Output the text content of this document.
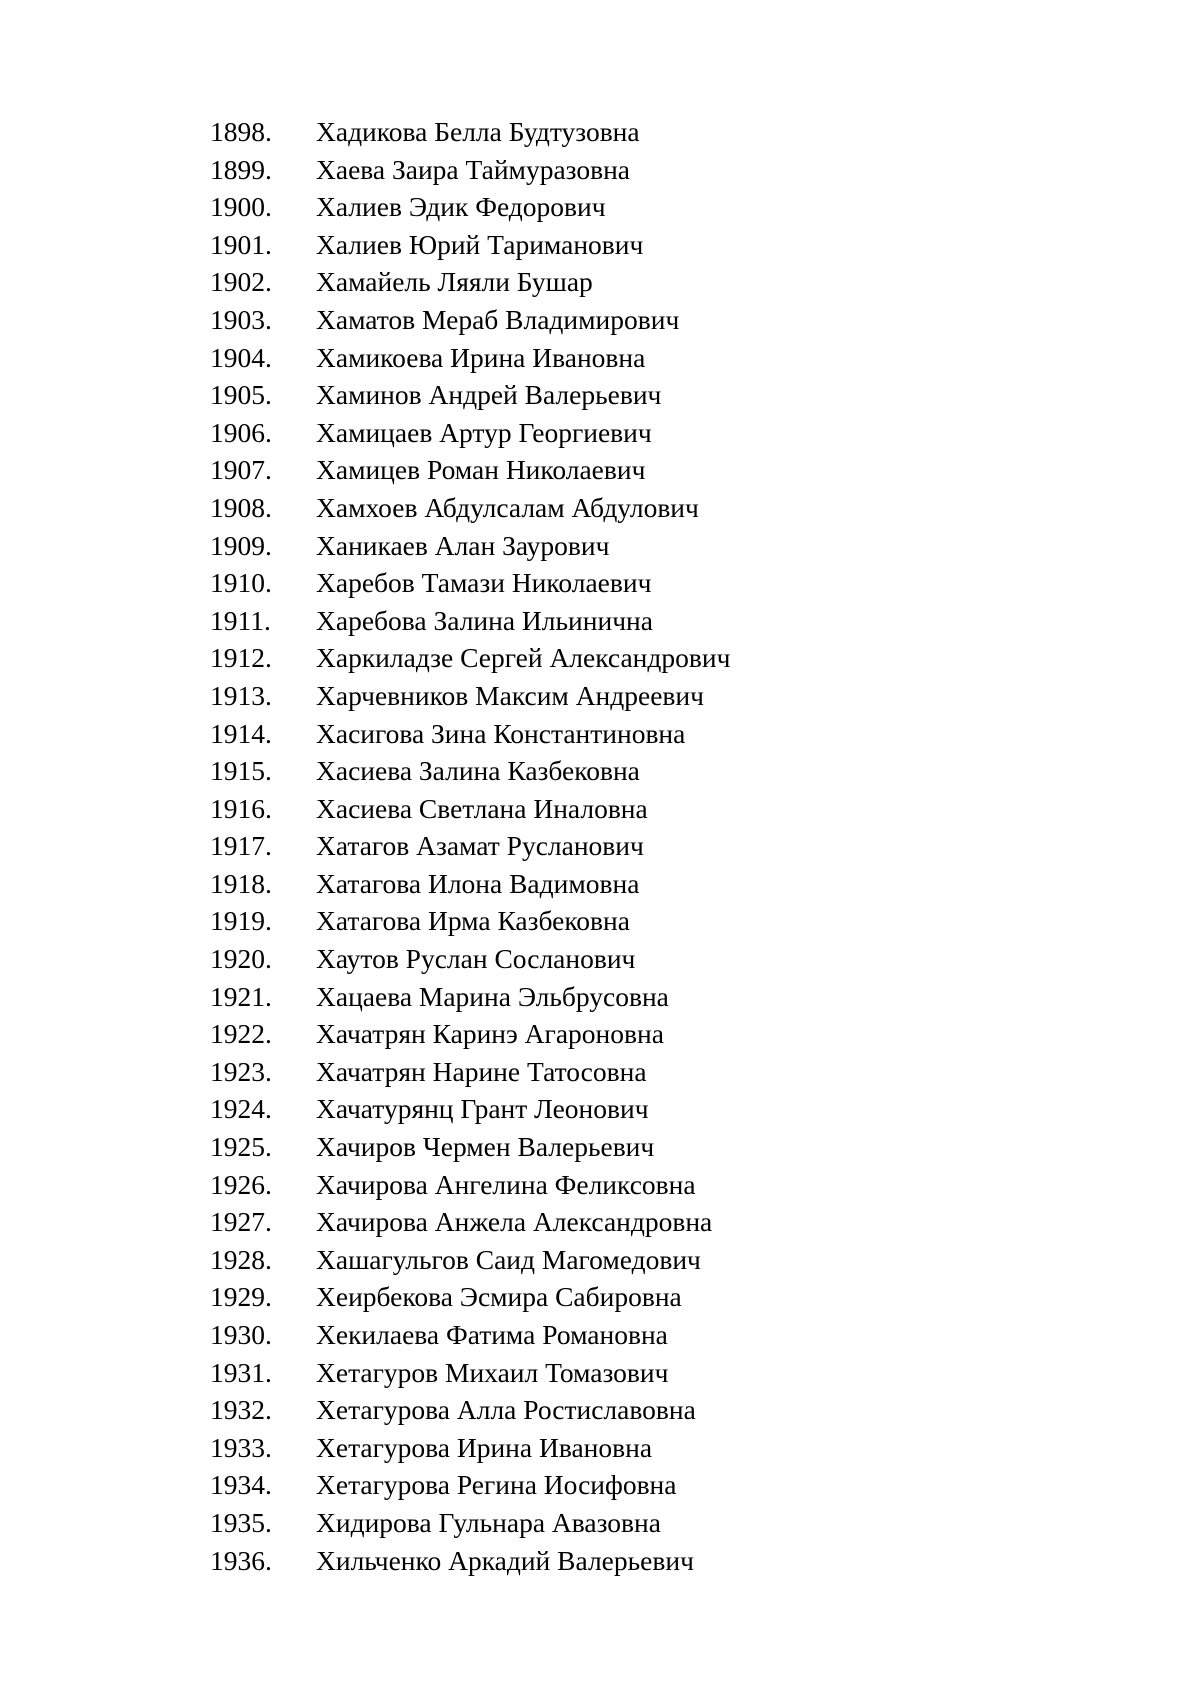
1898. Хадикова Белла Будтузовна
1899. Хаева Заира Таймуразовна
1900. Халиев Эдик Федорович
1901. Халиев Юрий Тариманович
1902. Хамайель Ляяли Бушар
1903. Хаматов Мераб Владимирович
1904. Хамикоева Ирина Ивановна
1905. Хаминов Андрей Валерьевич
1906. Хамицаев Артур Георгиевич
1907. Хамицев Роман Николаевич
1908. Хамхоев Абдулсалам Абдулович
1909. Ханикаев Алан Заурович
1910. Харебов Тамази Николаевич
1911. Харебова Залина Ильинична
1912. Харкиладзе Сергей Александрович
1913. Харчевников Максим Андреевич
1914. Хасигова Зина Константиновна
1915. Хасиева Залина Казбековна
1916. Хасиева Светлана Иналовна
1917. Хатагов Азамат Русланович
1918. Хатагова Илона Вадимовна
1919. Хатагова Ирма Казбековна
1920. Хаутов Руслан Сосланович
1921. Хацаева Марина Эльбрусовна
1922. Хачатрян Каринэ Агароновна
1923. Хачатрян Нарине Татосовна
1924. Хачатурянц Грант Леонович
1925. Хачиров Чермен Валерьевич
1926. Хачирова Ангелина Феликсовна
1927. Хачирова Анжела Александровна
1928. Хашагульгов Саид Магомедович
1929. Хеирбекова Эсмира Сабировна
1930. Хекилаева Фатима Романовна
1931. Хетагуров Михаил Томазович
1932. Хетагурова Алла Ростиславовна
1933. Хетагурова Ирина Ивановна
1934. Хетагурова Регина Иосифовна
1935. Хидирова Гульнара Авазовна
1936. Хильченко Аркадий Валерьевич
